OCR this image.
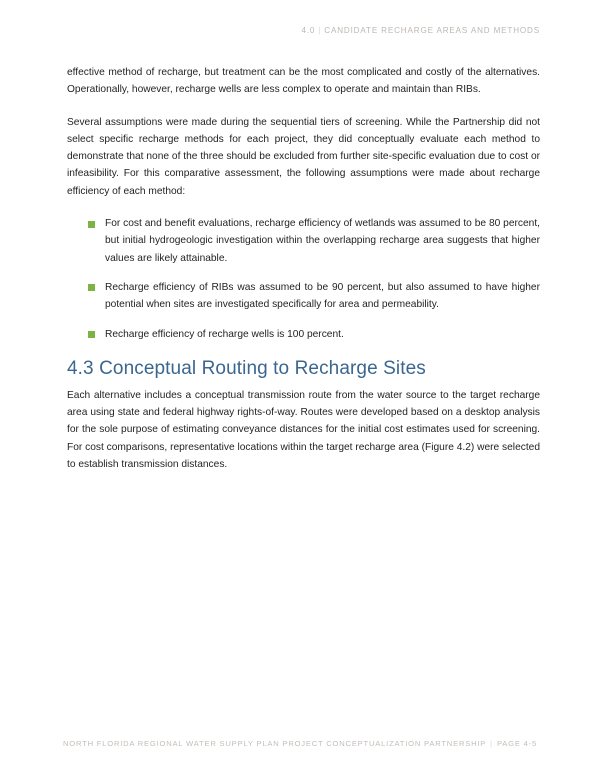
4.0 | CANDIDATE RECHARGE AREAS AND METHODS

effective method of recharge, but treatment can be the most complicated and costly of the alternatives. Operationally, however, recharge wells are less complex to operate and maintain than RIBs.

Several assumptions were made during the sequential tiers of screening. While the Partnership did not select specific recharge methods for each project, they did conceptually evaluate each method to demonstrate that none of the three should be excluded from further site-specific evaluation due to cost or infeasibility. For this comparative assessment, the following assumptions were made about recharge efficiency of each method:

For cost and benefit evaluations, recharge efficiency of wetlands was assumed to be 80 percent, but initial hydrogeologic investigation within the overlapping recharge area suggests that higher values are likely attainable.
Recharge efficiency of RIBs was assumed to be 90 percent, but also assumed to have higher potential when sites are investigated specifically for area and permeability.
Recharge efficiency of recharge wells is 100 percent.
4.3 Conceptual Routing to Recharge Sites

Each alternative includes a conceptual transmission route from the water source to the target recharge area using state and federal highway rights-of-way. Routes were developed based on a desktop analysis for the sole purpose of estimating conveyance distances for the initial cost estimates used for screening. For cost comparisons, representative locations within the target recharge area (Figure 4.2) were selected to establish transmission distances.

NORTH FLORIDA REGIONAL WATER SUPPLY PLAN PROJECT CONCEPTUALIZATION PARTNERSHIP | PAGE 4-5
